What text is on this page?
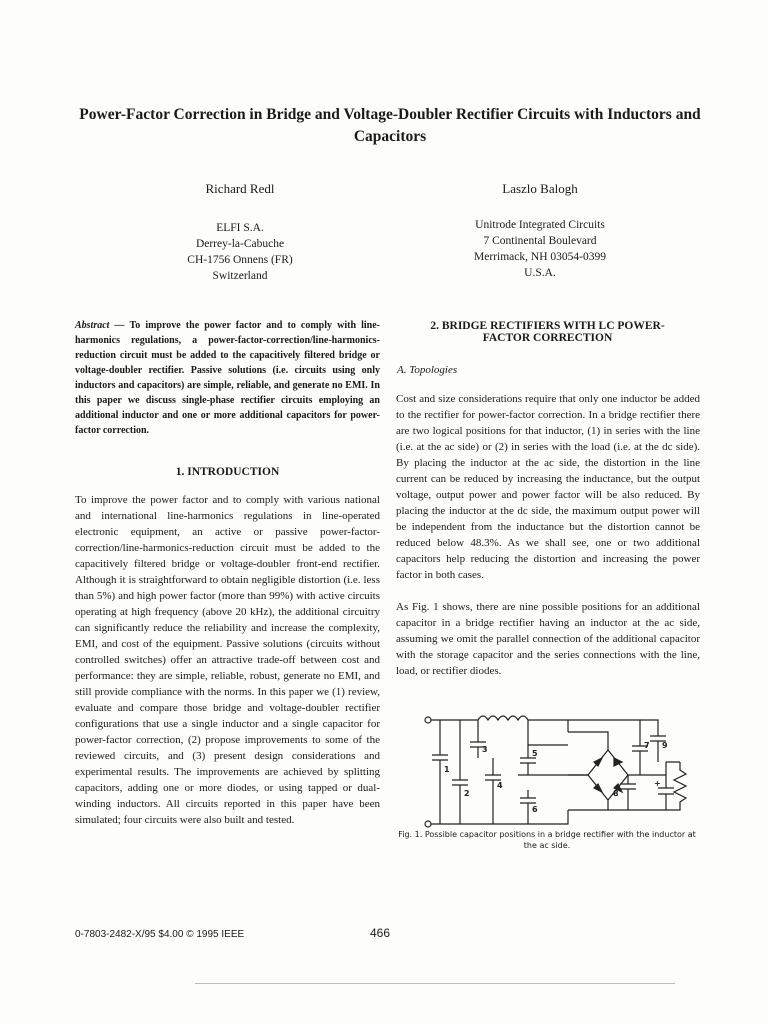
Power-Factor Correction in Bridge and Voltage-Doubler Rectifier Circuits with Inductors and Capacitors
Richard Redl	Laszlo Balogh
ELFI S.A.
Derrey-la-Cabuche
CH-1756 Onnens (FR)
Switzerland
Unitrode Integrated Circuits
7 Continental Boulevard
Merrimack, NH 03054-0399
U.S.A.
Abstract — To improve the power factor and to comply with line-harmonics regulations, a power-factor-correction/line-harmonics-reduction circuit must be added to the capacitively filtered bridge or voltage-doubler rectifier. Passive solutions (i.e. circuits using only inductors and capacitors) are simple, reliable, and generate no EMI. In this paper we discuss single-phase rectifier circuits employing an additional inductor and one or more additional capacitors for power-factor correction.
1. INTRODUCTION
To improve the power factor and to comply with various national and international line-harmonics regulations in line-operated electronic equipment, an active or passive power-factor-correction/line-harmonics-reduction circuit must be added to the capacitively filtered bridge or voltage-doubler front-end rectifier. Although it is straightforward to obtain negligible distortion (i.e. less than 5%) and high power factor (more than 99%) with active circuits operating at high frequency (above 20 kHz), the additional circuitry can significantly reduce the reliability and increase the complexity, EMI, and cost of the equipment. Passive solutions (circuits without controlled switches) offer an attractive trade-off between cost and performance: they are simple, reliable, robust, generate no EMI, and still provide compliance with the norms. In this paper we (1) review, evaluate and compare those bridge and voltage-doubler rectifier configurations that use a single inductor and a single capacitor for power-factor correction, (2) propose improvements to some of the reviewed circuits, and (3) present design considerations and experimental results. The improvements are achieved by splitting capacitors, adding one or more diodes, or using tapped or dual-winding inductors. All circuits reported in this paper have been simulated; four circuits were also built and tested.
2. BRIDGE RECTIFIERS WITH LC POWER-
FACTOR CORRECTION
A. Topologies
Cost and size considerations require that only one inductor be added to the rectifier for power-factor correction. In a bridge rectifier there are two logical positions for that inductor, (1) in series with the line (i.e. at the ac side) or (2) in series with the load (i.e. at the dc side). By placing the inductor at the ac side, the distortion in the line current can be reduced by increasing the inductance, but the output voltage, output power and power factor will be also reduced. By placing the inductor at the dc side, the maximum output power will be independent from the inductance but the distortion cannot be reduced below 48.3%. As we shall see, one or two additional capacitors help reducing the distortion and increasing the power factor in both cases.
As Fig. 1 shows, there are nine possible positions for an additional capacitor in a bridge rectifier having an inductor at the ac side, assuming we omit the parallel connection of the additional capacitor with the storage capacitor and the series connections with the line, load, or rectifier diodes.
1
2
3
4
5
6
7
8
9
+
Fig. 1. Possible capacitor positions in a bridge rectifier with the inductor at the ac side.
0-7803-2482-X/95 $4.00 © 1995 IEEE	466
